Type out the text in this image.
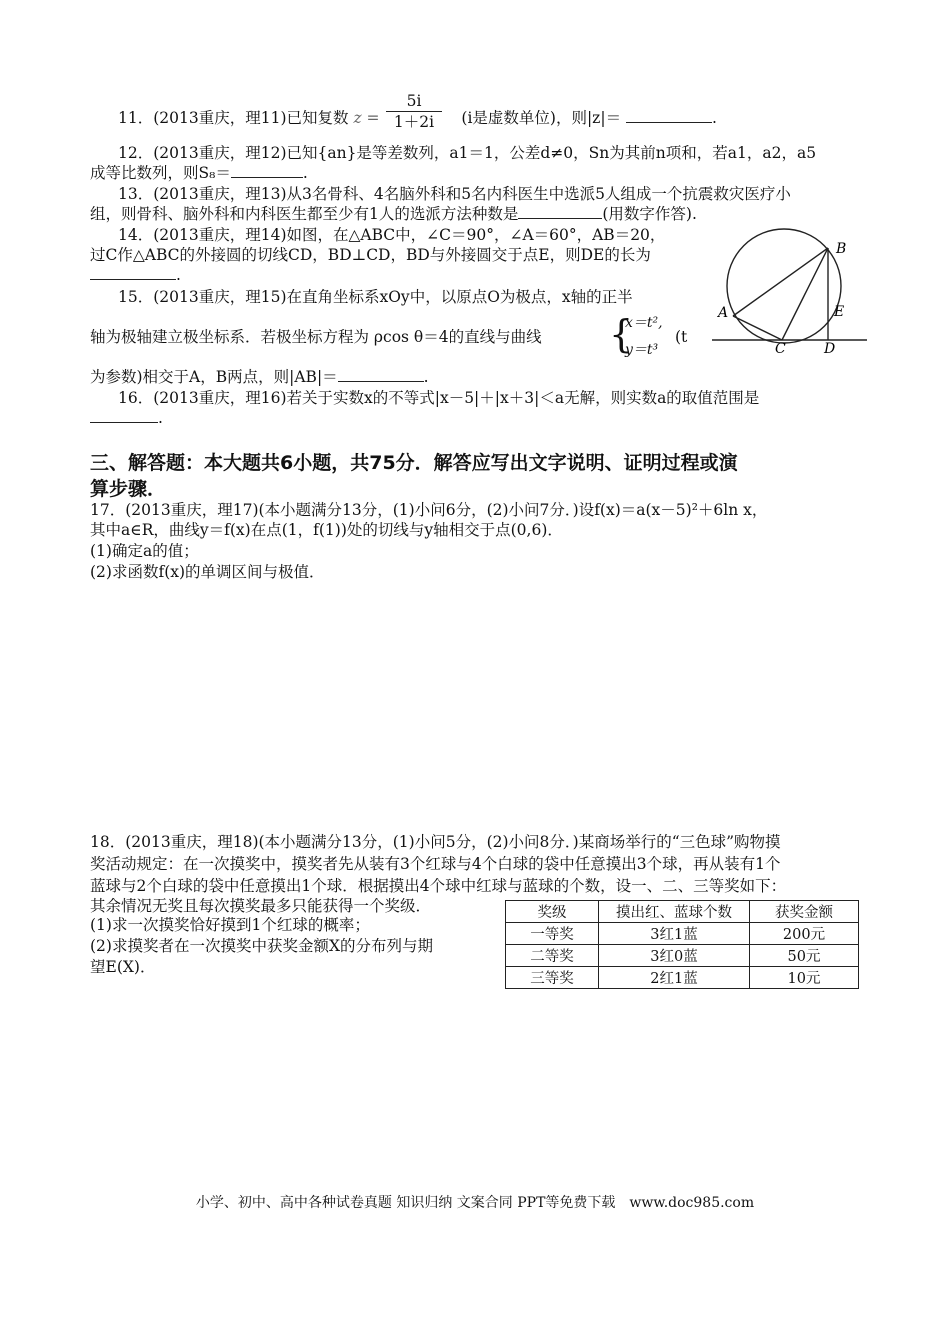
11．(2013重庆，理11)已知复数 z =	(i是虚数单位)，则|z|＝	.
$\frac{5i}{1+2i}$
12．(2013重庆，理12)已知{an}是等差数列，a1＝1，公差d≠0，Sn为其前n项和，若a1，a2，a5
成等比数列，则S₈＝	.
13．(2013重庆，理13)从3名骨科、4名脑外科和5名内科医生中选派5人组成一个抗震救灾医疗小
组，则骨科、脑外科和内科医生都至少有1人的选派方法种数是	(用数字作答).
14．(2013重庆，理14)如图，在△ABC中，∠C＝90°，∠A＝60°，AB＝20，
过C作△ABC的外接圆的切线CD，BD⊥CD，BD与外接圆交于点E，则DE的长为
.
15．(2013重庆，理15)在直角坐标系xOy中，以原点O为极点，x轴的正半
轴为极轴建立极坐标系．若极坐标方程为 ρcos θ＝4的直线与曲线 {
x＝t²,
y＝t³
(t
为参数)相交于A，B两点，则|AB|＝	.
16．(2013重庆，理16)若关于实数x的不等式|x－5|＋|x＋3|＜a无解，则实数a的取值范围是
.
A
B
C	D
E
三、解答题：本大题共6小题，共75分．解答应写出文字说明、证明过程或演
算步骤．
17．(2013重庆，理17)(本小题满分13分，(1)小问6分，(2)小问7分．)设f(x)＝a(x－5)²＋6ln x，
其中a∈R，曲线y＝f(x)在点(1，f(1))处的切线与y轴相交于点(0,6)．
(1)确定a的值；
(2)求函数f(x)的单调区间与极值．
18．(2013重庆，理18)(本小题满分13分，(1)小问5分，(2)小问8分．)某商场举行的“三色球”购物摸
奖活动规定：在一次摸奖中，摸奖者先从装有3个红球与4个白球的袋中任意摸出3个球，再从装有1个
蓝球与2个白球的袋中任意摸出1个球．根据摸出4个球中红球与蓝球的个数，设一、二、三等奖如下：
其余情况无奖且每次摸奖最多只能获得一个奖级．
(1)求一次摸奖恰好摸到1个红球的概率；
(2)求摸奖者在一次摸奖中获奖金额X的分布列与期
望E(X)．
奖级	摸出红、蓝球个数	获奖金额
一等奖	3红1蓝	200元
二等奖	3红0蓝	50元
三等奖	2红1蓝	10元
小学、初中、高中各种试卷真题 知识归纳 文案合同 PPT等免费下载　www.doc985.com
